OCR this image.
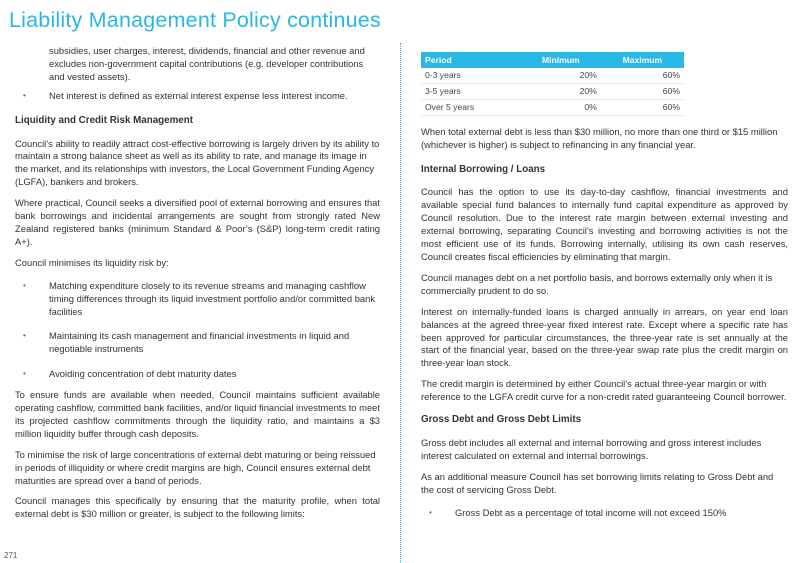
Liability Management Policy continues

subsidies, user charges, interest, dividends, financial and other revenue and excludes non-government capital contributions (e.g. developer contributions and vested assets).

• Net interest is defined as external interest expense less interest income.

Liquidity and Credit Risk Management

Council’s ability to readily attract cost-effective borrowing is largely driven by its ability to maintain a strong balance sheet as well as its ability to rate, and manage its image in the market, and its relationships with investors, the Local Government Funding Agency (LGFA), bankers and brokers.

Where practical, Council seeks a diversified pool of external borrowing and ensures that bank borrowings and incidental arrangements are sought from strongly rated New Zealand registered banks (minimum Standard & Poor’s (S&P) long-term credit rating A+).

Council minimises its liquidity risk by:

• Matching expenditure closely to its revenue streams and managing cashflow timing differences through its liquid investment portfolio and/or committed bank facilities

• Maintaining its cash management and financial investments in liquid and negotiable instruments

• Avoiding concentration of debt maturity dates

To ensure funds are available when needed, Council maintains sufficient available operating cashflow, committed bank facilities, and/or liquid financial investments to meet its projected cashflow commitments through the liquidity ratio, and maintains a $3 million liquidity buffer through cash deposits.

To minimise the risk of large concentrations of external debt maturing or being reissued in periods of illiquidity or where credit margins are high, Council ensures external debt maturities are spread over a band of periods.

Council manages this specifically by ensuring that the maturity profile, when total external debt is $30 million or greater, is subject to the following limits:

Period	Minimum	Maximum
0-3 years	20%	60%
3-5 years	20%	60%
Over 5 years	0%	60%

When total external debt is less than $30 million, no more than one third or $15 million (whichever is higher) is subject to refinancing in any financial year.

Internal Borrowing / Loans

Council has the option to use its day-to-day cashflow, financial investments and available special fund balances to internally fund capital expenditure as approved by Council resolution. Due to the interest rate margin between external investing and external borrowing, separating Council’s investing and borrowing activities is not the most efficient use of its funds. Borrowing internally, utilising its own cash reserves, Council creates fiscal efficiencies by eliminating that margin.

Council manages debt on a net portfolio basis, and borrows externally only when it is commercially prudent to do so.

Interest on internally-funded loans is charged annually in arrears, on year end loan balances at the agreed three-year fixed interest rate. Except where a specific rate has been approved for particular circumstances, the three-year rate is set annually at the start of the financial year, based on the three-year swap rate plus the credit margin on three-year loan stock.

The credit margin is determined by either Council’s actual three-year margin or with reference to the LGFA credit curve for a non-credit rated guaranteeing Council borrower.

Gross Debt and Gross Debt Limits

Gross debt includes all external and internal borrowing and gross interest includes interest calculated on external and internal borrowings.

As an additional measure Council has set borrowing limits relating to Gross Debt and the cost of servicing Gross Debt.

• Gross Debt as a percentage of total income will not exceed 150%

271
